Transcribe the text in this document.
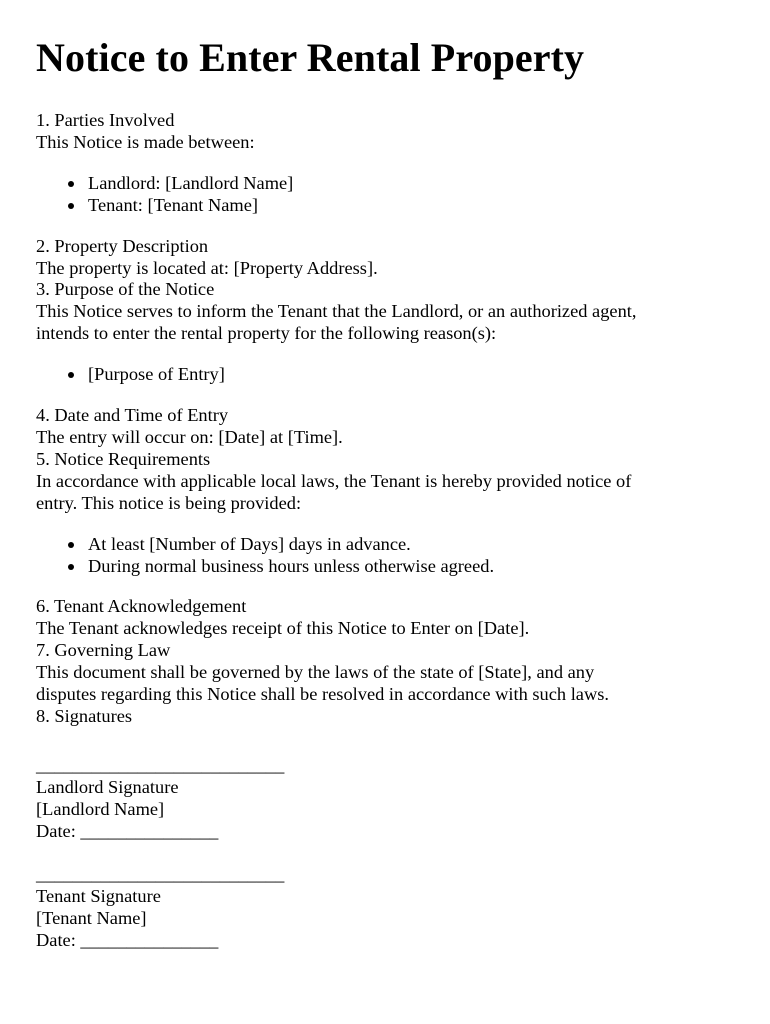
Notice to Enter Rental Property
1. Parties Involved
This Notice is made between:
Landlord: [Landlord Name]
Tenant: [Tenant Name]
2. Property Description
The property is located at: [Property Address].
3. Purpose of the Notice
This Notice serves to inform the Tenant that the Landlord, or an authorized agent,
intends to enter the rental property for the following reason(s):
[Purpose of Entry]
4. Date and Time of Entry
The entry will occur on: [Date] at [Time].
5. Notice Requirements
In accordance with applicable local laws, the Tenant is hereby provided notice of
entry. This notice is being provided:
At least [Number of Days] days in advance.
During normal business hours unless otherwise agreed.
6. Tenant Acknowledgement
The Tenant acknowledges receipt of this Notice to Enter on [Date].
7. Governing Law
This document shall be governed by the laws of the state of [State], and any
disputes regarding this Notice shall be resolved in accordance with such laws.
8. Signatures
___________________________
Landlord Signature
[Landlord Name]
Date: _______________
___________________________
Tenant Signature
[Tenant Name]
Date: _______________
